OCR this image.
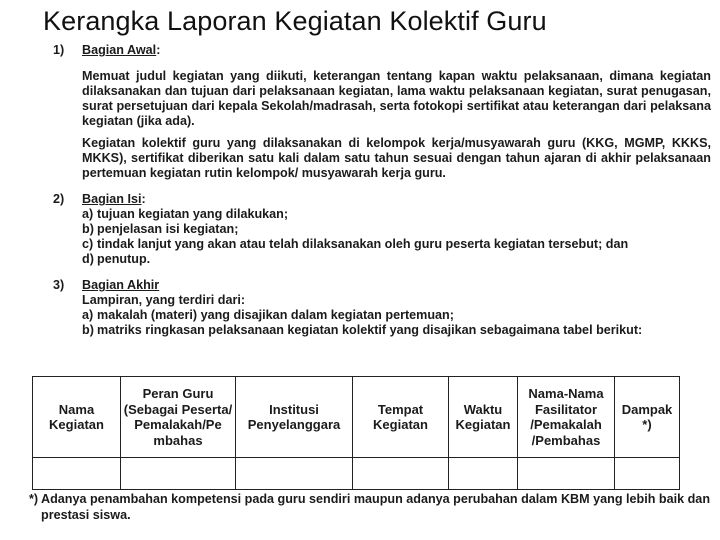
Kerangka Laporan Kegiatan Kolektif Guru
1)	Bagian Awal:
Memuat judul kegiatan yang diikuti, keterangan tentang kapan waktu pelaksanaan, dimana kegiatan dilaksanakan dan tujuan dari pelaksanaan kegiatan, lama waktu pelaksanaan kegiatan, surat penugasan, surat persetujuan dari kepala Sekolah/madrasah, serta fotokopi sertifikat atau keterangan dari pelaksana kegiatan (jika ada).
Kegiatan kolektif guru yang dilaksanakan di kelompok kerja/musyawarah guru (KKG, MGMP, KKKS, MKKS), sertifikat diberikan satu kali dalam satu tahun sesuai dengan tahun ajaran di akhir pelaksanaan pertemuan kegiatan rutin kelompok/ musyawarah kerja guru.
2)	Bagian Isi:
a) tujuan kegiatan yang dilakukan;
b) penjelasan isi kegiatan;
c) tindak lanjut yang akan atau telah dilaksanakan oleh guru peserta kegiatan tersebut; dan
d) penutup.
3)	Bagian Akhir
Lampiran, yang terdiri dari:
a) makalah (materi) yang disajikan dalam kegiatan pertemuan;
b) matriks ringkasan pelaksanaan kegiatan kolektif yang disajikan sebagaimana tabel berikut:
Nama Kegiatan	Peran Guru (Sebagai Peserta/ Pemalakah/Pe mbahas	Institusi Penyelanggara	Tempat Kegiatan	Waktu Kegiatan	Nama-Nama Fasilitator /Pemakalah /Pembahas	Dampak *)

*) Adanya penambahan kompetensi pada guru sendiri maupun adanya perubahan dalam KBM yang lebih baik dan prestasi siswa.
